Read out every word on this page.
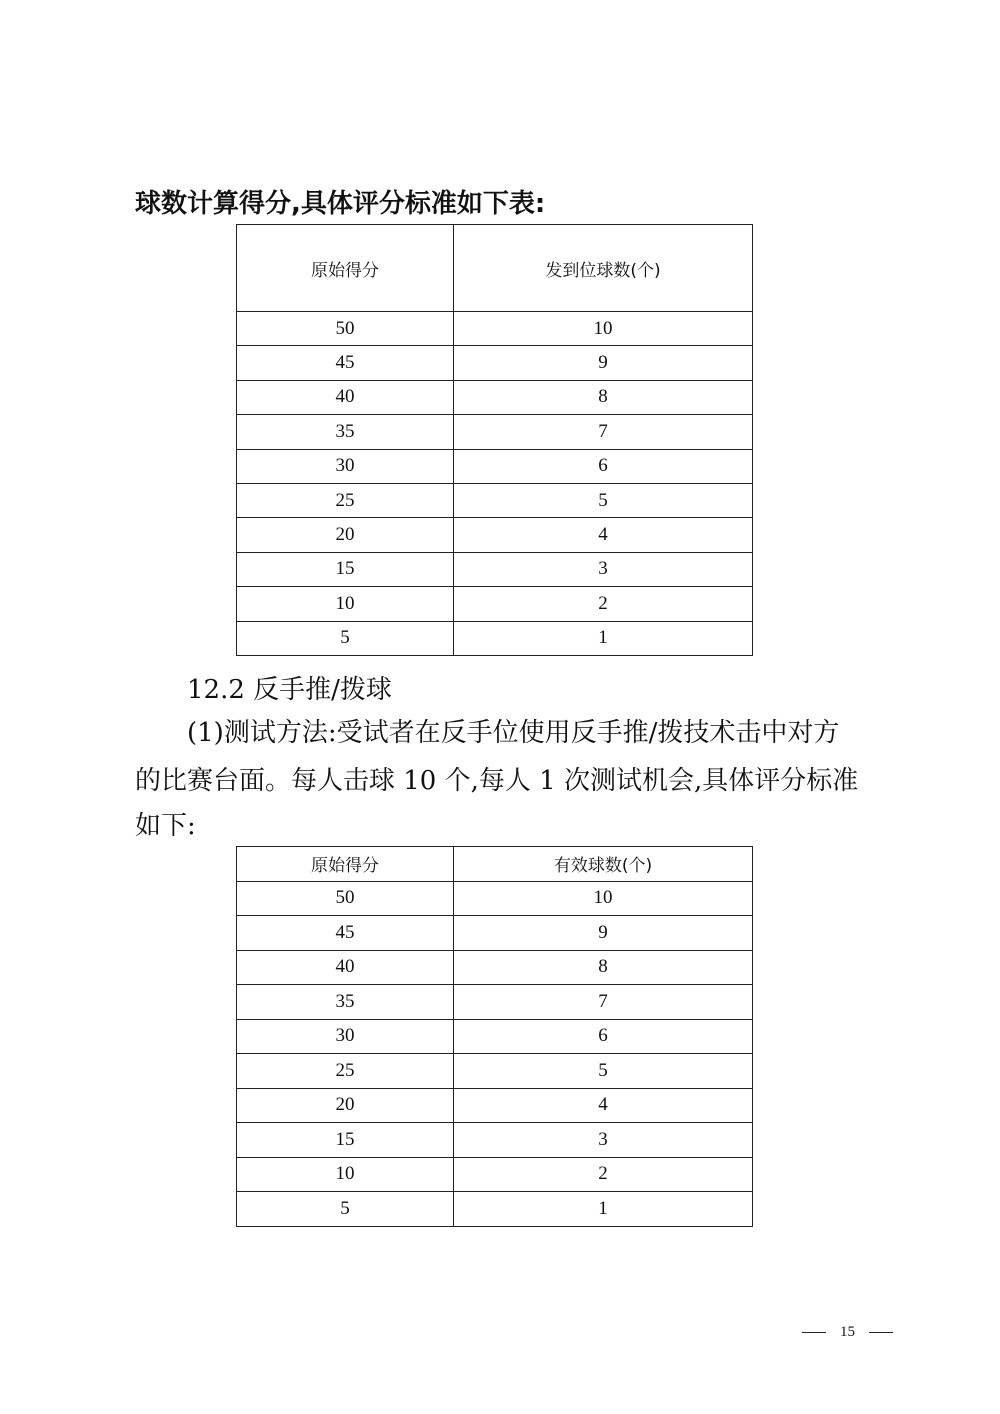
球数计算得分,具体评分标准如下表:
原始得分	发到位球数(个)
50	10
45	9
40	8
35	7
30	6
25	5
20	4
15	3
10	2
5	1
12.2 反手推/拨球
(1)测试方法:受试者在反手位使用反手推/拨技术击中对方
的比赛台面。每人击球 10 个,每人 1 次测试机会,具体评分标准
如下:
原始得分	有效球数(个)
50	10
45	9
40	8
35	7
30	6
25	5
20	4
15	3
10	2
5	1
15
